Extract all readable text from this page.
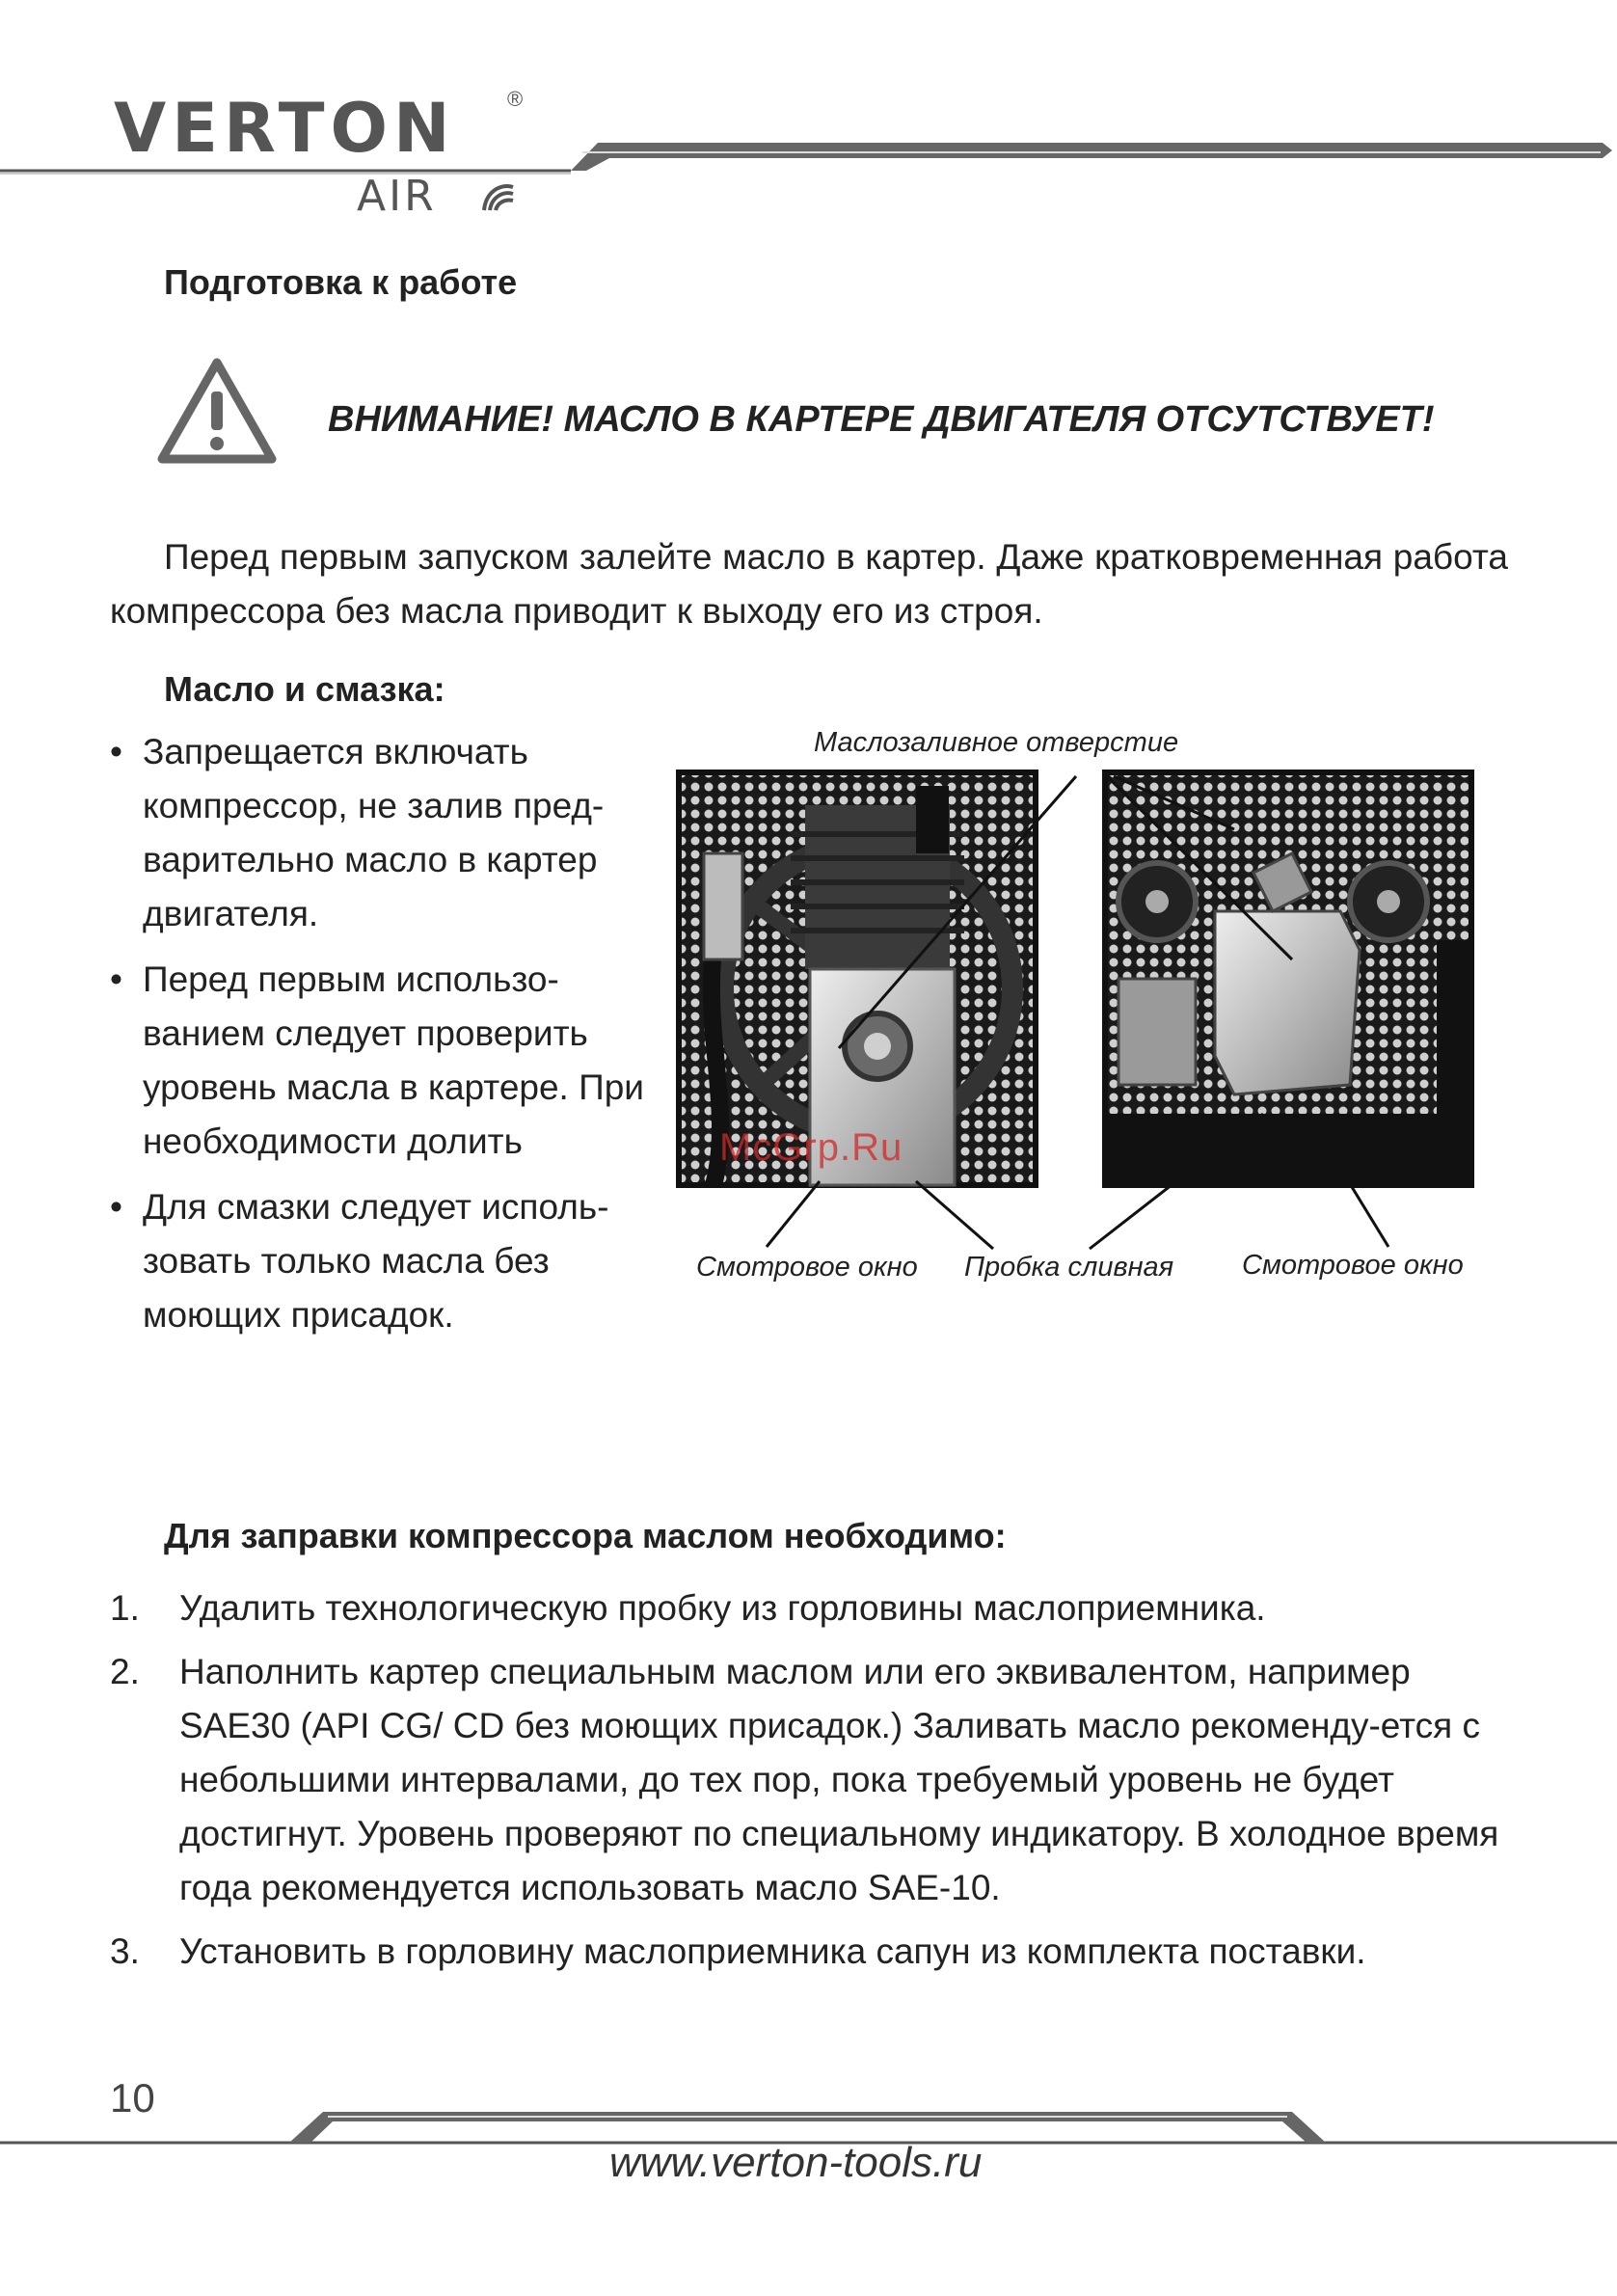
VERTON ®
AIR
Подготовка к работе
ВНИМАНИЕ! МАСЛО В КАРТЕРЕ ДВИГАТЕЛЯ ОТСУТСТВУЕТ!
Перед первым запуском залейте масло в картер. Даже кратковременная работа компрессора без масла приводит к выходу его из строя.
Масло и смазка:
• Запрещается включать компрессор, не залив пред-варительно масло в картер двигателя.
• Перед первым использо-ванием следует проверить уровень масла в картере. При необходимости долить
• Для смазки следует исполь-зовать только масла без моющих присадок.
Маслозаливное отверстие
McGrp.Ru
Смотровое окно Пробка сливная Смотровое окно
Для заправки компрессора маслом необходимо:
1. Удалить технологическую пробку из горловины маслоприемника.
2. Наполнить картер специальным маслом или его эквивалентом, например SAE30 (API CG/ CD без моющих присадок.) Заливать масло рекоменду-ется с небольшими интервалами, до тех пор, пока требуемый уровень не будет достигнут. Уровень проверяют по специальному индикатору. В холодное время года рекомендуется использовать масло SAE-10.
3. Установить в горловину маслоприемника сапун из комплекта поставки.
10
www.verton-tools.ru
